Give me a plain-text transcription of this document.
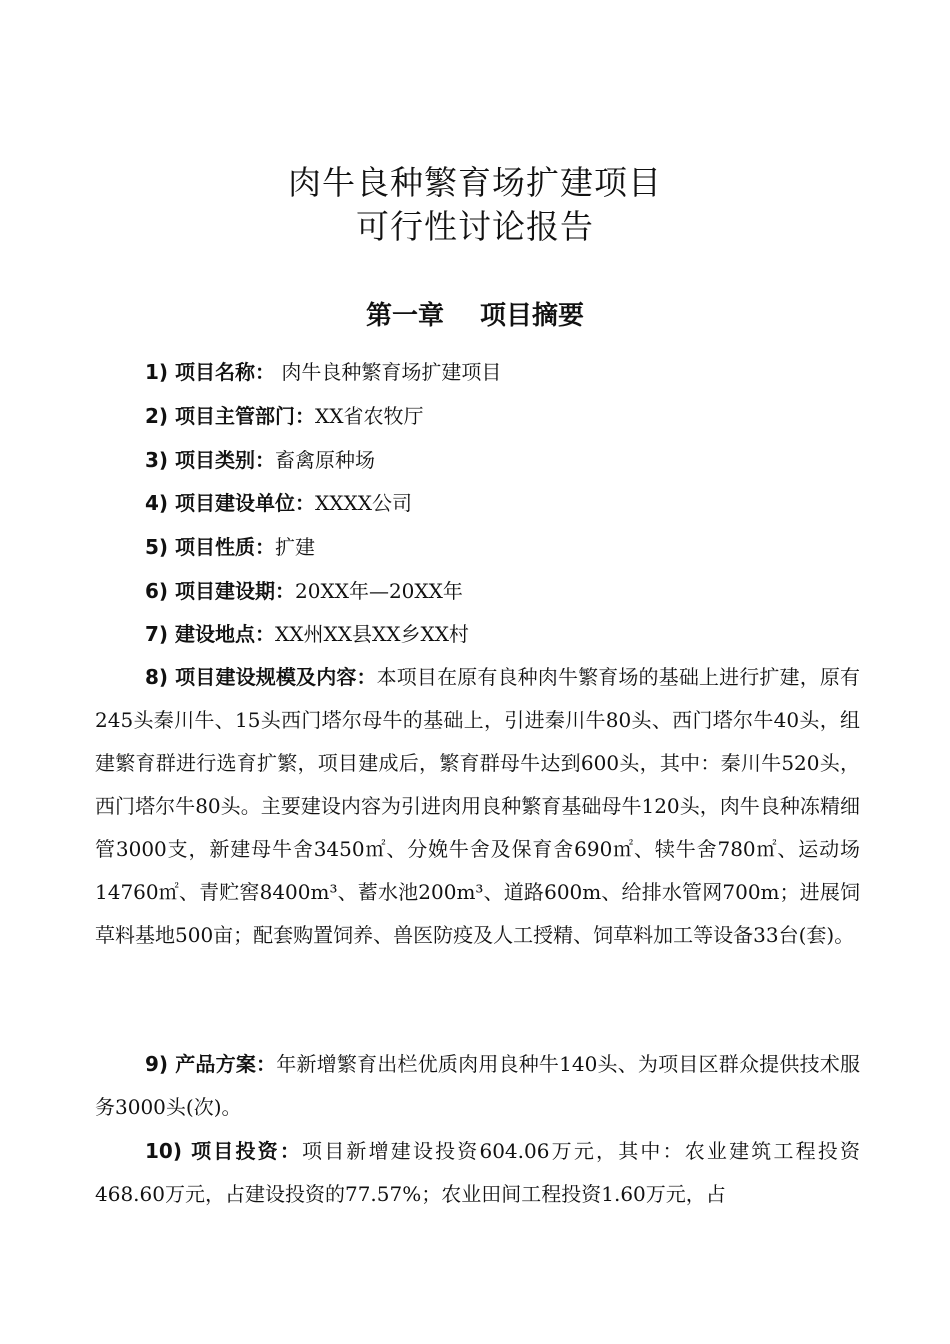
肉牛良种繁育场扩建项目
可行性讨论报告
第一章 项目摘要
1) 项目名称： 肉牛良种繁育场扩建项目
2) 项目主管部门：XX省农牧厅
3) 项目类别：畜禽原种场
4) 项目建设单位：XXXX公司
5) 项目性质：扩建
6) 项目建设期：20XX年—20XX年
7) 建设地点：XX州XX县XX乡XX村

8) 项目建设规模及内容：本项目在原有良种肉牛繁育场的基础上进行扩建，原有245头秦川牛、15头西门塔尔母牛的基础上，引进秦川牛80头、西门塔尔牛40头，组建繁育群进行选育扩繁，项目建成后，繁育群母牛达到600头，其中：秦川牛520头，西门塔尔牛80头。主要建设内容为引进肉用良种繁育基础母牛120头，肉牛良种冻精细管3000支，新建母牛舍3450㎡、分娩牛舍及保育舍690㎡、犊牛舍780㎡、运动场14760㎡、青贮窖8400m³、蓄水池200m³、道路600m、给排水管网700m；进展饲草料基地500亩；配套购置饲养、兽医防疫及人工授精、饲草料加工等设备33台(套)。

9) 产品方案：年新增繁育出栏优质肉用良种牛140头、为项目区群众提供技术服务3000头(次)。

10) 项目投资：项目新增建设投资604.06万元，其中：农业建筑工程投资468.60万元，占建设投资的77.57%；农业田间工程投资1.60万元，占
